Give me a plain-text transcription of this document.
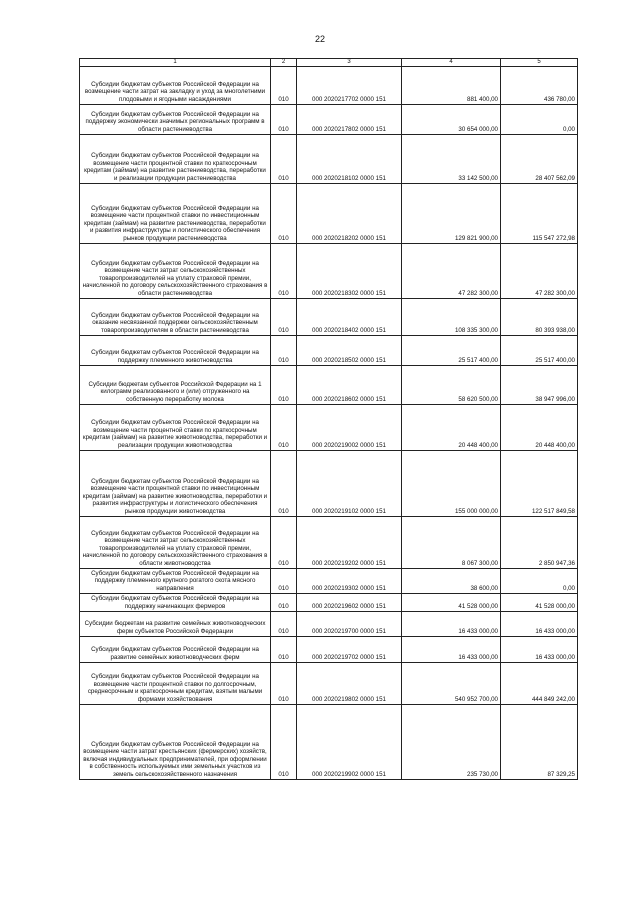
22
1	2	3	4	5
Субсидии бюджетам субъектов Российской Федерации на возмещение части затрат на закладку и уход за многолетними плодовыми и ягодными насаждениями	010	000 2020217702 0000 151	881 400,00	436 780,00
Субсидии бюджетам субъектов Российской Федерации на поддержку экономически значимых региональных программ в области растениеводства	010	000 2020217802 0000 151	30 654 000,00	0,00
Субсидии бюджетам субъектов Российской Федерации на возмещение части процентной ставки по краткосрочным кредитам (займам) на развитие растениеводства, переработки и реализации продукции растениеводства	010	000 2020218102 0000 151	33 142 500,00	28 407 562,09
Субсидии бюджетам субъектов Российской Федерации на возмещение части процентной ставки по инвестиционным кредитам (займам) на развитие растениеводства, переработки и развития инфраструктуры и логистического обеспечения рынков продукции растениеводства	010	000 2020218202 0000 151	129 821 900,00	115 547 272,98
Субсидии бюджетам субъектов Российской Федерации на возмещение части затрат сельскохозяйственных товаропроизводителей на уплату страховой премии, начисленной по договору сельскохозяйственного страхования в области растениеводства	010	000 2020218302 0000 151	47 282 300,00	47 282 300,00
Субсидии бюджетам субъектов Российской Федерации на оказание несвязанной поддержки сельскохозяйственным товаропроизводителям в области растениеводства	010	000 2020218402 0000 151	108 335 300,00	80 393 938,00
Субсидии бюджетам субъектов Российской Федерации на поддержку племенного животноводства	010	000 2020218502 0000 151	25 517 400,00	25 517 400,00
Субсидии бюджетам субъектов Российской Федерации на 1 килограмм реализованного и (или) отгруженного на собственную переработку молока	010	000 2020218602 0000 151	58 620 500,00	38 947 996,00
Субсидии бюджетам субъектов Российской Федерации на возмещение части процентной ставки по краткосрочным кредитам (займам) на развитие животноводства, переработки и реализации продукции животноводства	010	000 2020219002 0000 151	20 448 400,00	20 448 400,00
Субсидии бюджетам субъектов Российской Федерации на возмещение части процентной ставки по инвестиционным кредитам (займам) на развитие животноводства, переработки и развития инфраструктуры и логистического обеспечения рынков продукции животноводства	010	000 2020219102 0000 151	155 000 000,00	122 517 849,58
Субсидии бюджетам субъектов Российской Федерации на возмещение части затрат сельскохозяйственных товаропроизводителей на уплату страховой премии, начисленной по договору сельскохозяйственного страхования в области животноводства	010	000 2020219202 0000 151	8 067 300,00	2 850 947,36
Субсидии бюджетам субъектов Российской Федерации на поддержку племенного крупного рогатого скота мясного направления	010	000 2020219302 0000 151	38 600,00	0,00
Субсидии бюджетам субъектов Российской Федерации на поддержку начинающих фермеров	010	000 2020219602 0000 151	41 528 000,00	41 528 000,00
Субсидии бюджетам на развитие семейных животноводческих ферм субъектов Российской Федерации	010	000 2020219700 0000 151	16 433 000,00	16 433 000,00
Субсидии бюджетам субъектов Российской Федерации на развитие семейных животноводческих ферм	010	000 2020219702 0000 151	16 433 000,00	16 433 000,00
Субсидии бюджетам субъектов Российской Федерации на возмещение части процентной ставки по долгосрочным, среднесрочным и краткосрочным кредитам, взятым малыми формами хозяйствования	010	000 2020219802 0000 151	540 952 700,00	444 849 242,00
Субсидии бюджетам субъектов Российской Федерации на возмещение части затрат крестьянских (фермерских) хозяйств, включая индивидуальных предпринимателей, при оформлении в собственность используемых ими земельных участков из земель сельскохозяйственного назначения	010	000 2020219902 0000 151	235 730,00	87 329,25
